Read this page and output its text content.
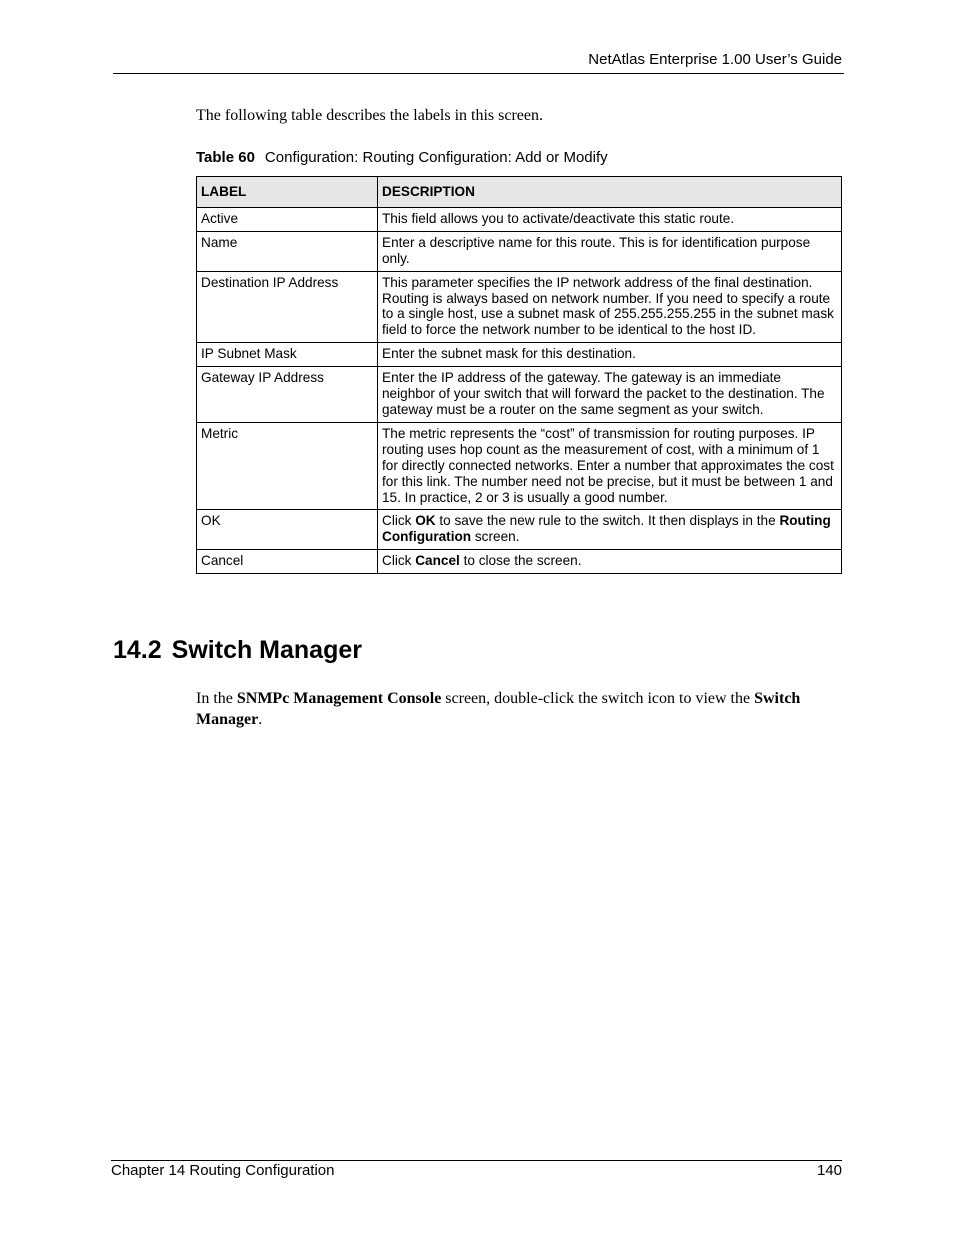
NetAtlas Enterprise 1.00 User’s Guide
The following table describes the labels in this screen.
Table 60 Configuration: Routing Configuration: Add or Modify
LABEL	DESCRIPTION
Active	This field allows you to activate/deactivate this static route.
Name	Enter a descriptive name for this route. This is for identification purpose only.
Destination IP Address	This parameter specifies the IP network address of the final destination. Routing is always based on network number. If you need to specify a route to a single host, use a subnet mask of 255.255.255.255 in the subnet mask field to force the network number to be identical to the host ID.
IP Subnet Mask	Enter the subnet mask for this destination.
Gateway IP Address	Enter the IP address of the gateway. The gateway is an immediate neighbor of your switch that will forward the packet to the destination. The gateway must be a router on the same segment as your switch.
Metric	The metric represents the “cost” of transmission for routing purposes. IP routing uses hop count as the measurement of cost, with a minimum of 1 for directly connected networks. Enter a number that approximates the cost for this link. The number need not be precise, but it must be between 1 and 15. In practice, 2 or 3 is usually a good number.
OK	Click OK to save the new rule to the switch. It then displays in the Routing Configuration screen.
Cancel	Click Cancel to close the screen.
14.2 Switch Manager
In the SNMPc Management Console screen, double-click the switch icon to view the Switch Manager.
Chapter 14 Routing Configuration	140
